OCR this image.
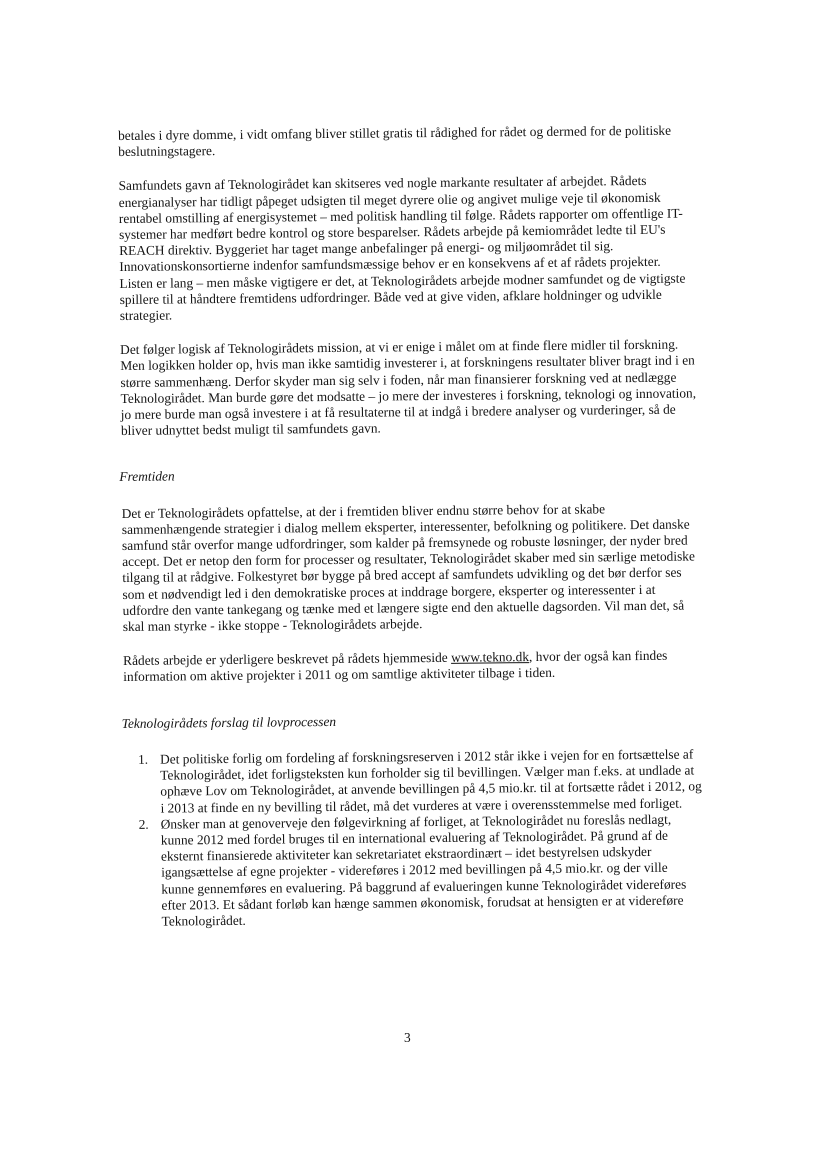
betales i dyre domme, i vidt omfang bliver stillet gratis til rådighed for rådet og dermed for de politiske beslutningstagere.

Samfundets gavn af Teknologirådet kan skitseres ved nogle markante resultater af arbejdet. Rådets energianalyser har tidligt påpeget udsigten til meget dyrere olie og angivet mulige veje til økonomisk rentabel omstilling af energisystemet – med politisk handling til følge. Rådets rapporter om offentlige IT-systemer har medført bedre kontrol og store besparelser. Rådets arbejde på kemiområdet ledte til EU's REACH direktiv. Byggeriet har taget mange anbefalinger på energi- og miljøområdet til sig. Innovationskonsortierne indenfor samfundsmæssige behov er en konsekvens af et af rådets projekter. Listen er lang – men måske vigtigere er det, at Teknologirådets arbejde modner samfundet og de vigtigste spillere til at håndtere fremtidens udfordringer. Både ved at give viden, afklare holdninger og udvikle strategier.

Det følger logisk af Teknologirådets mission, at vi er enige i målet om at finde flere midler til forskning. Men logikken holder op, hvis man ikke samtidig investerer i, at forskningens resultater bliver bragt ind i en større sammenhæng. Derfor skyder man sig selv i foden, når man finansierer forskning ved at nedlægge Teknologirådet. Man burde gøre det modsatte – jo mere der investeres i forskning, teknologi og innovation, jo mere burde man også investere i at få resultaterne til at indgå i bredere analyser og vurderinger, så de bliver udnyttet bedst muligt til samfundets gavn.

Fremtiden

Det er Teknologirådets opfattelse, at der i fremtiden bliver endnu større behov for at skabe sammenhængende strategier i dialog mellem eksperter, interessenter, befolkning og politikere. Det danske samfund står overfor mange udfordringer, som kalder på fremsynede og robuste løsninger, der nyder bred accept. Det er netop den form for processer og resultater, Teknologirådet skaber med sin særlige metodiske tilgang til at rådgive. Folkestyret bør bygge på bred accept af samfundets udvikling og det bør derfor ses som et nødvendigt led i den demokratiske proces at inddrage borgere, eksperter og interessenter i at udfordre den vante tankegang og tænke med et længere sigte end den aktuelle dagsorden. Vil man det, så skal man styrke - ikke stoppe - Teknologirådets arbejde.

Rådets arbejde er yderligere beskrevet på rådets hjemmeside www.tekno.dk, hvor der også kan findes information om aktive projekter i 2011 og om samtlige aktiviteter tilbage i tiden.

Teknologirådets forslag til lovprocessen

1. Det politiske forlig om fordeling af forskningsreserven i 2012 står ikke i vejen for en fortsættelse af Teknologirådet, idet forligsteksten kun forholder sig til bevillingen. Vælger man f.eks. at undlade at ophæve Lov om Teknologirådet, at anvende bevillingen på 4,5 mio.kr. til at fortsætte rådet i 2012, og i 2013 at finde en ny bevilling til rådet, må det vurderes at være i overensstemmelse med forliget.
2. Ønsker man at genoverveje den følgevirkning af forliget, at Teknologirådet nu foreslås nedlagt, kunne 2012 med fordel bruges til en international evaluering af Teknologirådet. På grund af de eksternt finansierede aktiviteter kan sekretariatet ekstraordinært – idet bestyrelsen udskyder igangsættelse af egne projekter - videreføres i 2012 med bevillingen på 4,5 mio.kr. og der ville kunne gennemføres en evaluering. På baggrund af evalueringen kunne Teknologirådet videreføres efter 2013. Et sådant forløb kan hænge sammen økonomisk, forudsat at hensigten er at videreføre Teknologirådet.
3
